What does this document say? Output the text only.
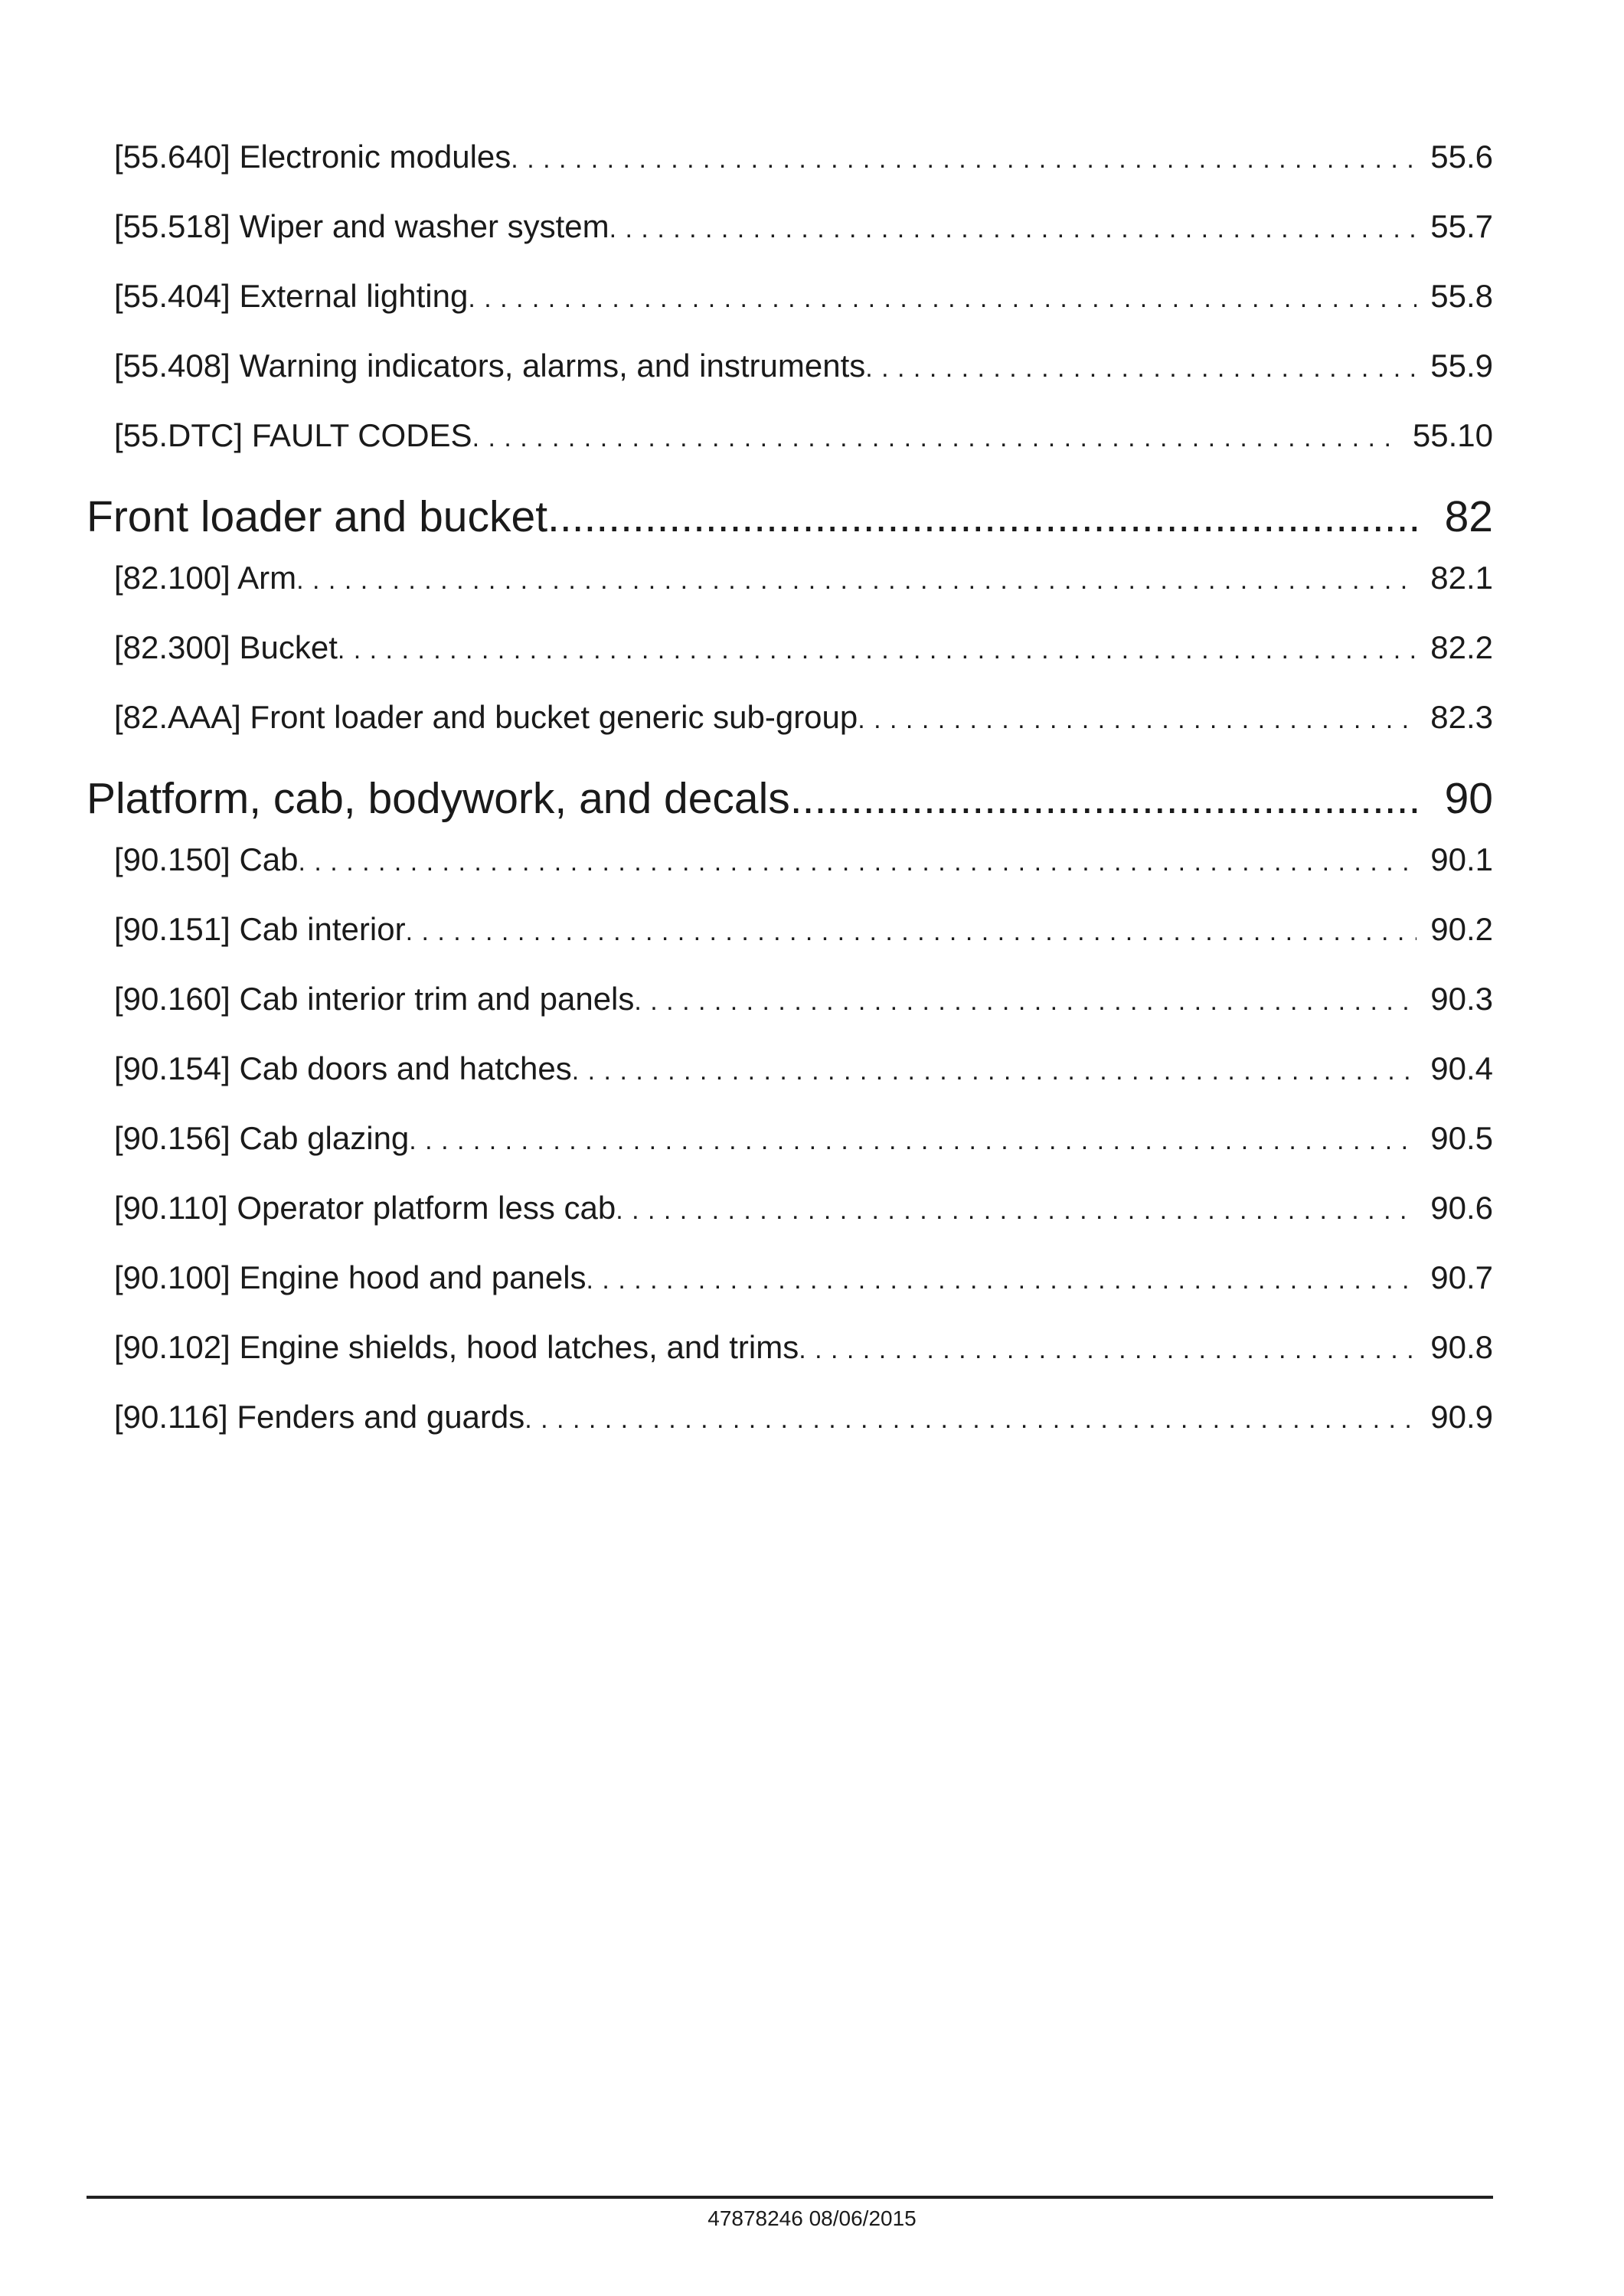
[55.640] Electronic modules . . .	55.6
[55.518] Wiper and washer system . . .	55.7
[55.404] External lighting . . .	55.8
[55.408] Warning indicators, alarms, and instruments . . .	55.9
[55.DTC] FAULT CODES . . .	55.10
Front loader and bucket .....	82
[82.100] Arm . . .	82.1
[82.300] Bucket . . .	82.2
[82.AAA] Front loader and bucket generic sub-group . . .	82.3
Platform, cab, bodywork, and decals .....	90
[90.150] Cab . . .	90.1
[90.151] Cab interior . . .	90.2
[90.160] Cab interior trim and panels . . .	90.3
[90.154] Cab doors and hatches . . .	90.4
[90.156] Cab glazing . . .	90.5
[90.110] Operator platform less cab . . .	90.6
[90.100] Engine hood and panels . . .	90.7
[90.102] Engine shields, hood latches, and trims . . .	90.8
[90.116] Fenders and guards . . .	90.9
47878246 08/06/2015
